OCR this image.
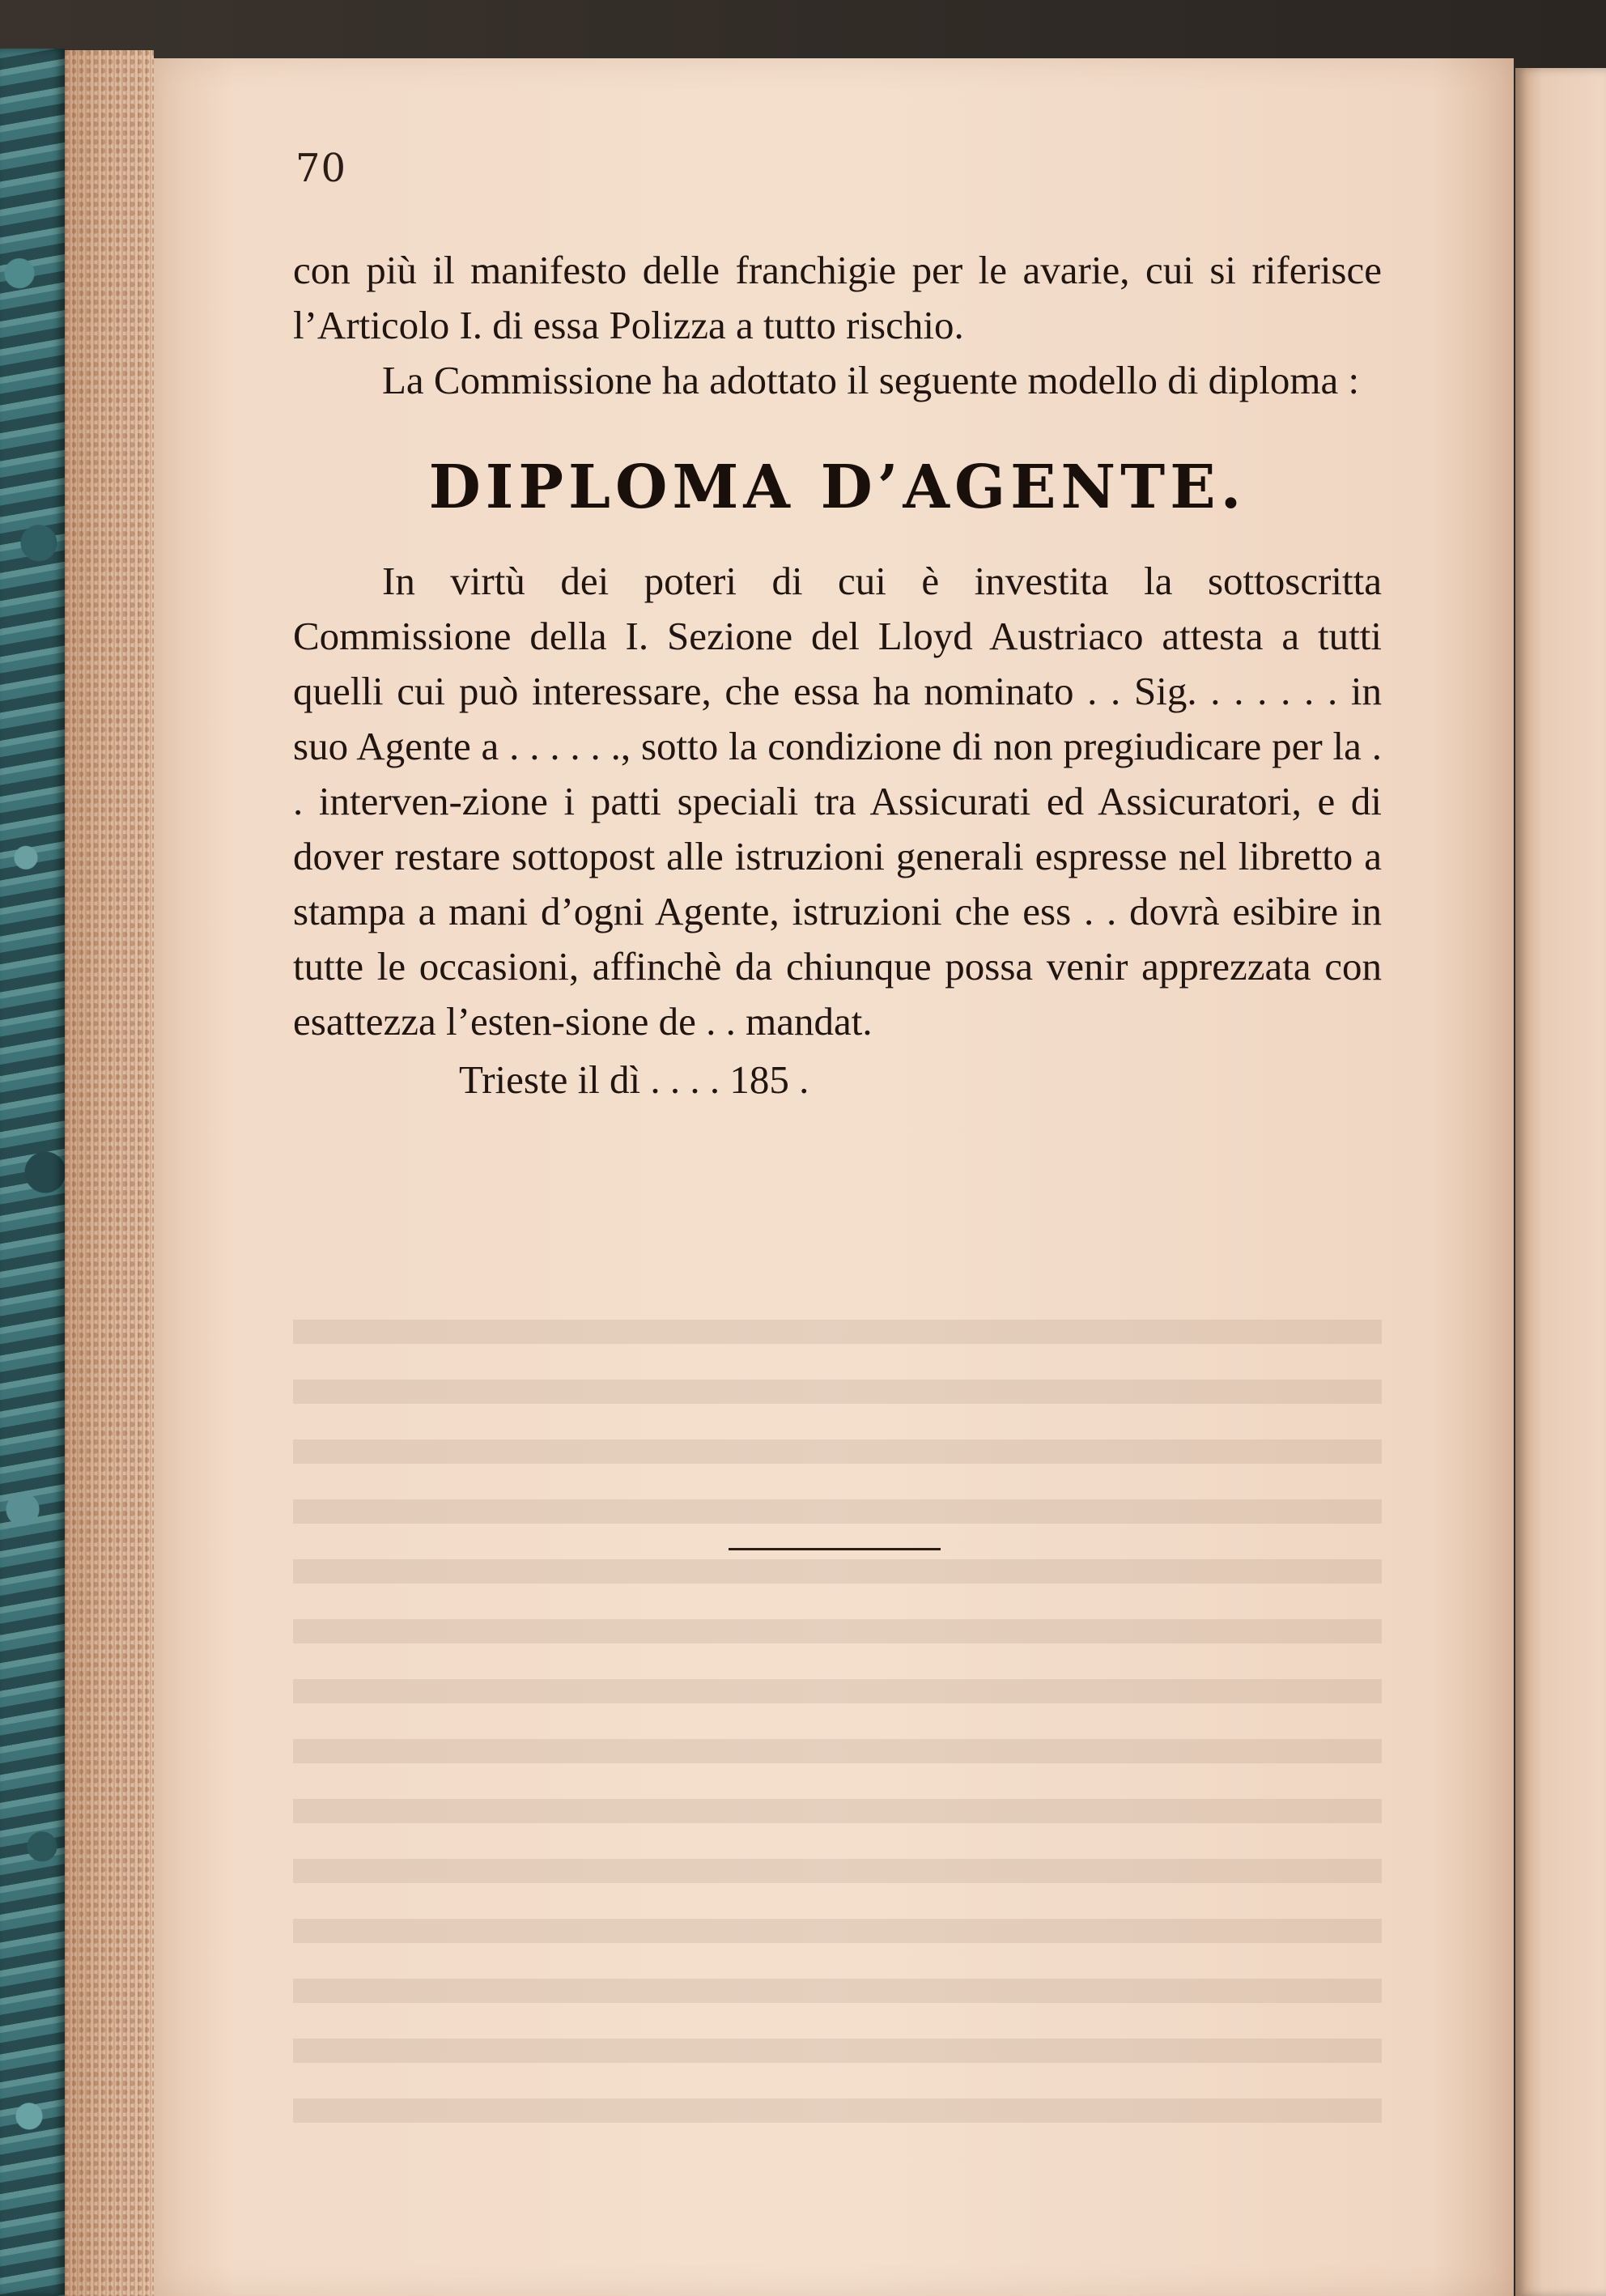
70

con più il manifesto delle franchigie per le avarie, cui si riferisce l’Articolo I. di essa Polizza a tutto rischio.

La Commissione ha adottato il seguente modello di diploma :

DIPLOMA D’AGENTE.

In virtù dei poteri di cui è investita la sottoscritta Commissione della I. Sezione del Lloyd Austriaco attesta a tutti quelli cui può interessare, che essa ha nominato . . Sig. . . . . . . in suo Agente a . . . . . ., sotto la condizione di non pregiudicare per la . . interven-zione i patti speciali tra Assicurati ed Assicuratori, e di dover restare sottopost alle istruzioni generali espresse nel libretto a stampa a mani d’ogni Agente, istruzioni che ess . . dovrà esibire in tutte le occasioni, affinchè da chiunque possa venir apprezzata con esattezza l’esten-sione de . . mandat.

Trieste il dì . . . . 185 .
